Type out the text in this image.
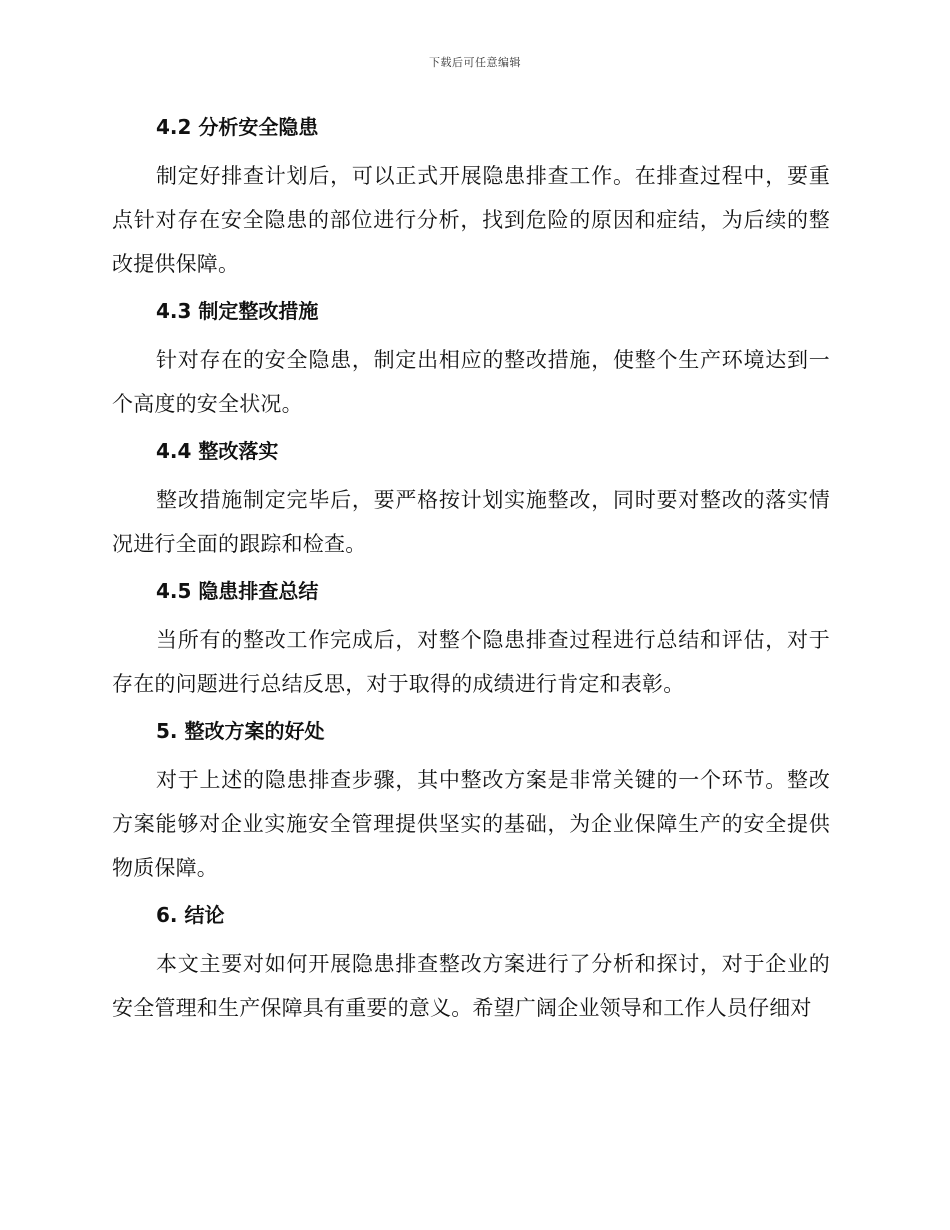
下载后可任意编辑
4.2 分析安全隐患

制定好排查计划后，可以正式开展隐患排查工作。在排查过程中，要重点针对存在安全隐患的部位进行分析，找到危险的原因和症结，为后续的整改提供保障。

4.3 制定整改措施

针对存在的安全隐患，制定出相应的整改措施，使整个生产环境达到一个高度的安全状况。

4.4 整改落实

整改措施制定完毕后，要严格按计划实施整改，同时要对整改的落实情况进行全面的跟踪和检查。

4.5 隐患排查总结

当所有的整改工作完成后，对整个隐患排查过程进行总结和评估，对于存在的问题进行总结反思，对于取得的成绩进行肯定和表彰。

5. 整改方案的好处

对于上述的隐患排查步骤，其中整改方案是非常关键的一个环节。整改方案能够对企业实施安全管理提供坚实的基础，为企业保障生产的安全提供物质保障。

6. 结论

本文主要对如何开展隐患排查整改方案进行了分析和探讨，对于企业的安全管理和生产保障具有重要的意义。希望广阔企业领导和工作人员仔细对
